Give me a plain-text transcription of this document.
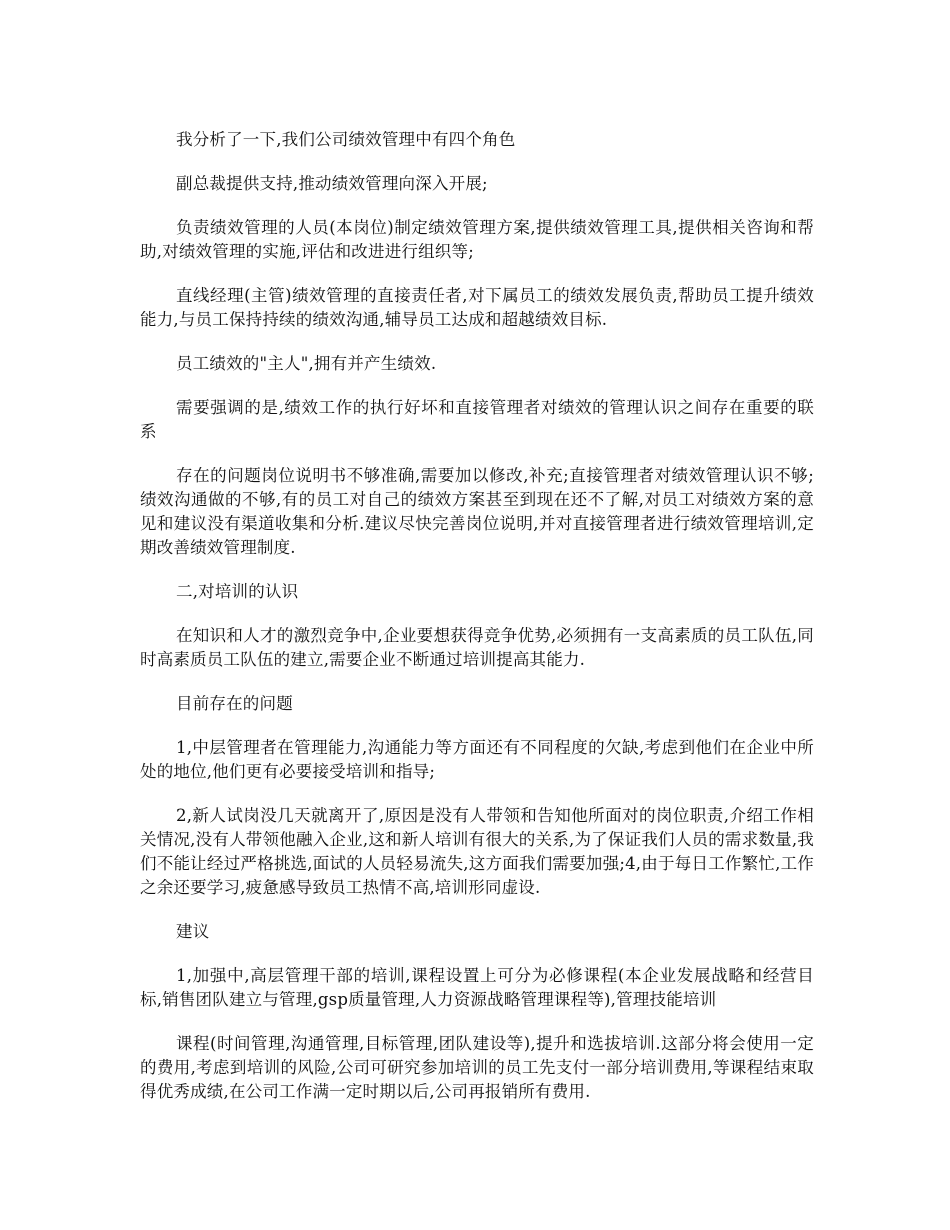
我分析了一下,我们公司绩效管理中有四个角色

副总裁提供支持,推动绩效管理向深入开展;

负责绩效管理的人员(本岗位)制定绩效管理方案,提供绩效管理工具,提供相关咨询和帮助,对绩效管理的实施,评估和改进进行组织等;

直线经理(主管)绩效管理的直接责任者,对下属员工的绩效发展负责,帮助员工提升绩效能力,与员工保持持续的绩效沟通,辅导员工达成和超越绩效目标.

员工绩效的"主人",拥有并产生绩效.

需要强调的是,绩效工作的执行好坏和直接管理者对绩效的管理认识之间存在重要的联系

存在的问题岗位说明书不够准确,需要加以修改,补充;直接管理者对绩效管理认识不够;绩效沟通做的不够,有的员工对自己的绩效方案甚至到现在还不了解,对员工对绩效方案的意见和建议没有渠道收集和分析.建议尽快完善岗位说明,并对直接管理者进行绩效管理培训,定期改善绩效管理制度.

二,对培训的认识

在知识和人才的激烈竞争中,企业要想获得竞争优势,必须拥有一支高素质的员工队伍,同时高素质员工队伍的建立,需要企业不断通过培训提高其能力.

目前存在的问题

1,中层管理者在管理能力,沟通能力等方面还有不同程度的欠缺,考虑到他们在企业中所处的地位,他们更有必要接受培训和指导;

2,新人试岗没几天就离开了,原因是没有人带领和告知他所面对的岗位职责,介绍工作相关情况,没有人带领他融入企业,这和新人培训有很大的关系,为了保证我们人员的需求数量,我们不能让经过严格挑选,面试的人员轻易流失,这方面我们需要加强;4,由于每日工作繁忙,工作之余还要学习,疲惫感导致员工热情不高,培训形同虚设.

建议

1,加强中,高层管理干部的培训,课程设置上可分为必修课程(本企业发展战略和经营目标,销售团队建立与管理,gsp质量管理,人力资源战略管理课程等),管理技能培训

课程(时间管理,沟通管理,目标管理,团队建设等),提升和选拔培训.这部分将会使用一定的费用,考虑到培训的风险,公司可研究参加培训的员工先支付一部分培训费用,等课程结束取得优秀成绩,在公司工作满一定时期以后,公司再报销所有费用.
